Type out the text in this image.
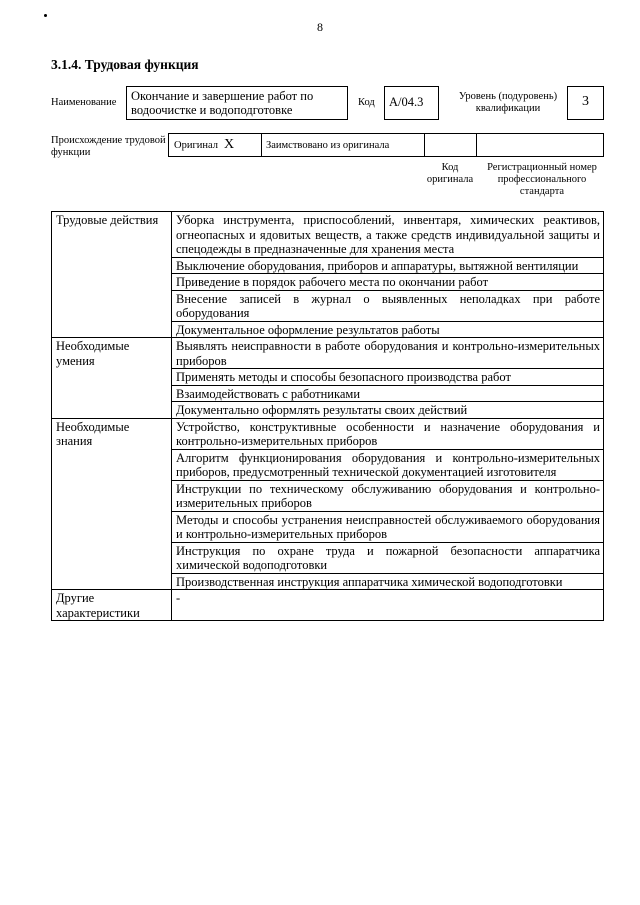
8
3.1.4. Трудовая функция
Наименование	Окончание и завершение работ по водоочистке и водоподготовке
Код	А/04.3	Уровень (подуровень) квалификации	3
Происхождение трудовой функции
Оригинал X	Заимствовано из оригинала
Код оригинала
Регистрационный номер профессионального стандарта
Трудовые действия	Уборка инструмента, приспособлений, инвентаря, химических реактивов, огнеопасных и ядовитых веществ, а также средств индивидуальной защиты и спецодежды в предназначенные для хранения места
	Выключение оборудования, приборов и аппаратуры, вытяжной вентиляции
	Приведение в порядок рабочего места по окончании работ
	Внесение записей в журнал о выявленных неполадках при работе оборудования
	Документальное оформление результатов работы
Необходимые умения	Выявлять неисправности в работе оборудования и контрольно-измерительных приборов
	Применять методы и способы безопасного производства работ
	Взаимодействовать с работниками
	Документально оформлять результаты своих действий
Необходимые знания	Устройство, конструктивные особенности и назначение оборудования и контрольно-измерительных приборов
	Алгоритм функционирования оборудования и контрольно-измерительных приборов, предусмотренный технической документацией изготовителя
	Инструкции по техническому обслуживанию оборудования и контрольно-измерительных приборов
	Методы и способы устранения неисправностей обслуживаемого оборудования и контрольно-измерительных приборов
	Инструкция по охране труда и пожарной безопасности аппаратчика химической водоподготовки
	Производственная инструкция аппаратчика химической водоподготовки
Другие характеристики	-
